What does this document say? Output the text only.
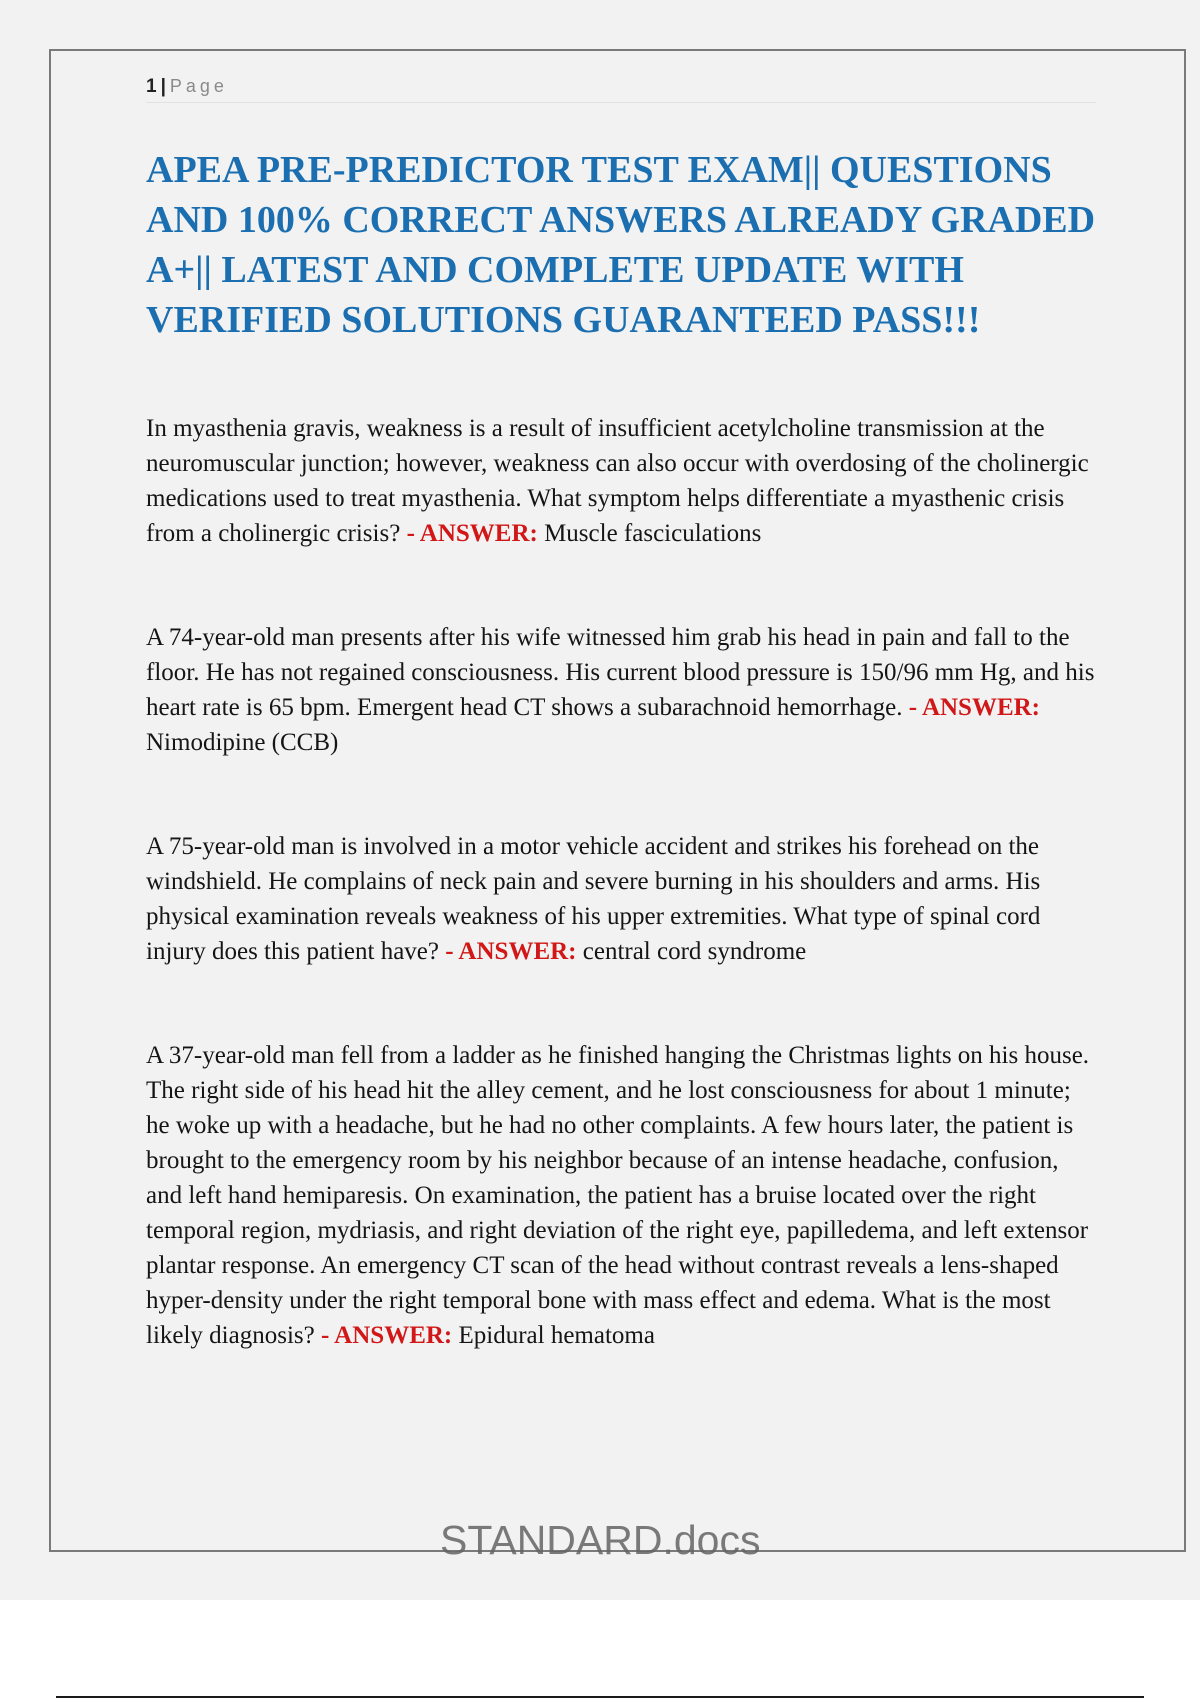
1 | Page
APEA PRE-PREDICTOR TEST EXAM|| QUESTIONS AND 100% CORRECT ANSWERS ALREADY GRADED A+|| LATEST AND COMPLETE UPDATE WITH VERIFIED SOLUTIONS GUARANTEED PASS!!!

In myasthenia gravis, weakness is a result of insufficient acetylcholine transmission at the neuromuscular junction; however, weakness can also occur with overdosing of the cholinergic medications used to treat myasthenia. What symptom helps differentiate a myasthenic crisis from a cholinergic crisis? - ANSWER: Muscle fasciculations

A 74-year-old man presents after his wife witnessed him grab his head in pain and fall to the floor. He has not regained consciousness. His current blood pressure is 150/96 mm Hg, and his heart rate is 65 bpm. Emergent head CT shows a subarachnoid hemorrhage. - ANSWER: Nimodipine (CCB)

A 75-year-old man is involved in a motor vehicle accident and strikes his forehead on the windshield. He complains of neck pain and severe burning in his shoulders and arms. His physical examination reveals weakness of his upper extremities. What type of spinal cord injury does this patient have? - ANSWER: central cord syndrome

A 37-year-old man fell from a ladder as he finished hanging the Christmas lights on his house. The right side of his head hit the alley cement, and he lost consciousness for about 1 minute; he woke up with a headache, but he had no other complaints. A few hours later, the patient is brought to the emergency room by his neighbor because of an intense headache, confusion, and left hand hemiparesis. On examination, the patient has a bruise located over the right temporal region, mydriasis, and right deviation of the right eye, papilledema, and left extensor plantar response. An emergency CT scan of the head without contrast reveals a lens-shaped hyper-density under the right temporal bone with mass effect and edema. What is the most likely diagnosis? - ANSWER: Epidural hematoma

STANDARD.docs
